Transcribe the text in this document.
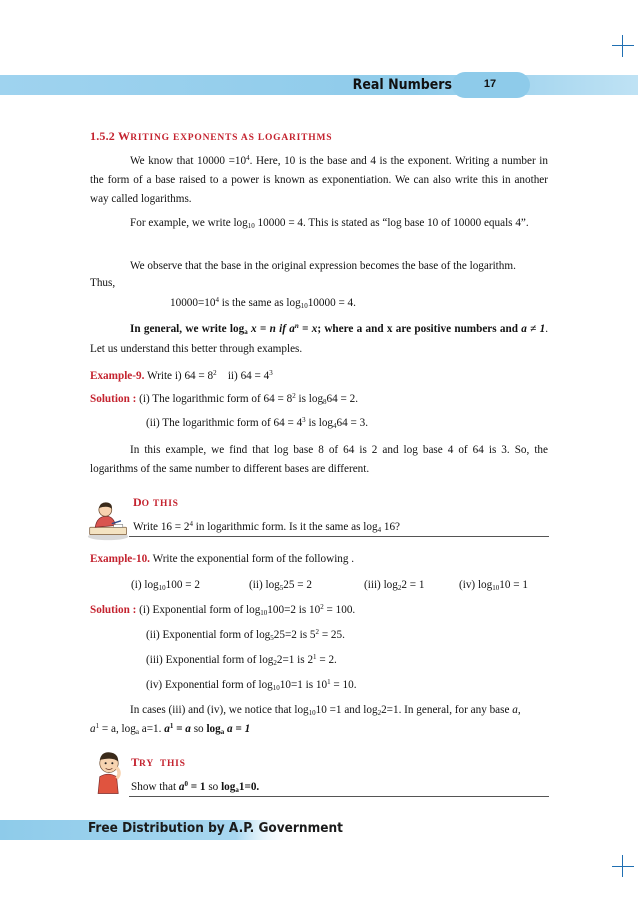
Real Numbers	17
1.5.2 WRITING EXPONENTS AS LOGARITHMS
We know that $10000 =10^4$. Here, 10 is the base and 4 is the exponent. Writing a number in the form of a base raised to a power is known as exponentiation. We can also write this in another way called logarithms.
For example, we write $\log_{10} 10000 = 4$. This is stated as “log base 10 of 10000 equals 4”.
We observe that the base in the original expression becomes the base of the logarithm.
Thus,
$10000=10^4$ is the same as $\log_{10}10000 = 4$.
In general, we write $\log_a x = n$ if $a^n = x$; where a and x are positive numbers and a ≠ 1. Let us understand this better through examples.
Example-9. Write i) $64 = 8^2$    ii) $64 = 4^3$
Solution : (i) The logarithmic form of $64 = 8^2$ is $\log_864 = 2$.
(ii) The logarithmic form of $64 = 4^3$ is $\log_464 = 3$.
In this example, we find that log base 8 of 64 is 2 and log base 4 of 64 is 3. So, the logarithms of the same number to different bases are different.
DO THIS
Write $16 = 2^4$ in logarithmic form. Is it the same as $\log_4 16$?
Example-10. Write the exponential form of the following .
(i) $\log_{10}100 = 2$	(ii) $\log_525 = 2$	(iii) $\log_22 = 1$	(iv) $\log_{10}10 = 1$
Solution : (i) Exponential form of $\log_{10}100=2$ is $10^2 = 100$.
(ii) Exponential form of $\log_525=2$ is $5^2 = 25$.
(iii) Exponential form of $\log_22=1$ is $2^1 = 2$.
(iv) Exponential form of $\log_{10}10=1$ is $10^1 = 10$.
In cases (iii) and (iv), we notice that $\log_{10}10 =1$ and $\log_22=1$. In general, for any base a,
$a^1 = a$, $\log_a a=1$. $a^1 = a$ so $\log_a a = 1$
TRY  THIS
Show that $a^0 = 1$ so $\log_a1=0$.
Free Distribution by A.P. Government
